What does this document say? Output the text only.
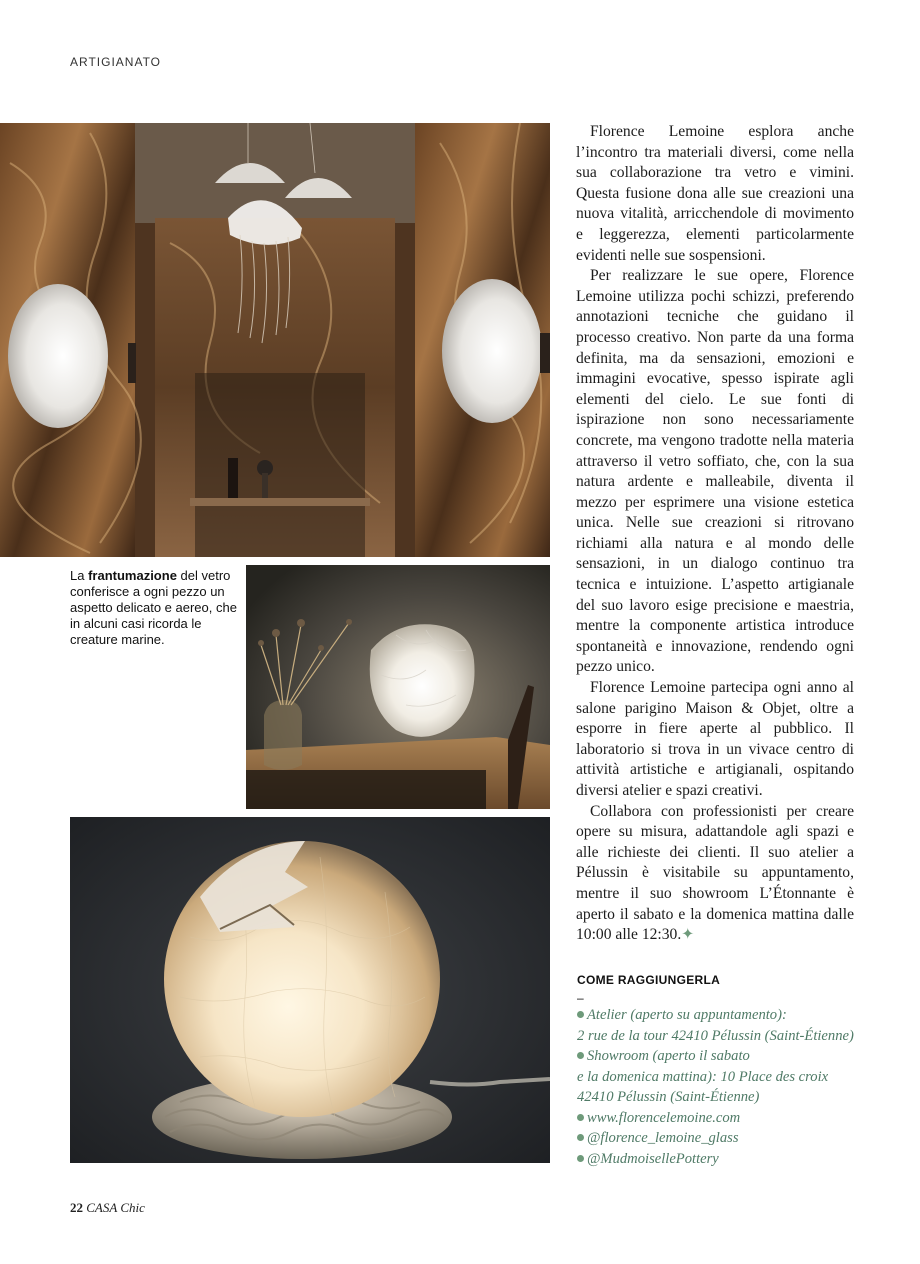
ARTIGIANATO
La frantumazione del vetro conferisce a ogni pezzo un aspetto delicato e aereo, che in alcuni casi ricorda le creature marine.

Florence Lemoine esplora anche l’incontro tra materiali diversi, come nella sua collaborazione tra vetro e vimini. Questa fusione dona alle sue creazioni una nuova vitalità, arricchendole di movimento e leggerezza, elementi particolarmente evidenti nelle sue sospensioni.

Per realizzare le sue opere, Florence Lemoine utilizza pochi schizzi, preferendo annotazioni tecniche che guidano il processo creativo. Non parte da una forma definita, ma da sensazioni, emozioni e immagini evocative, spesso ispirate agli elementi del cielo. Le sue fonti di ispirazione non sono necessariamente concrete, ma vengono tradotte nella materia attraverso il vetro soffiato, che, con la sua natura ardente e malleabile, diventa il mezzo per esprimere una visione estetica unica. Nelle sue creazioni si ritrovano richiami alla natura e al mondo delle sensazioni, in un dialogo continuo tra tecnica e intuizione. L’aspetto artigianale del suo lavoro esige precisione e maestria, mentre la componente artistica introduce spontaneità e innovazione, rendendo ogni pezzo unico.

Florence Lemoine partecipa ogni anno al salone parigino Maison & Objet, oltre a esporre in fiere aperte al pubblico. Il laboratorio si trova in un vivace centro di attività artistiche e artigianali, ospitando diversi atelier e spazi creativi.

Collabora con professionisti per creare opere su misura, adattandole agli spazi e alle richieste dei clienti. Il suo atelier a Pélussin è visitabile su appuntamento, mentre il suo showroom L’Étonnante è aperto il sabato e la domenica mattina dalle 10:00 alle 12:30.✦

COME RAGGIUNGERLA
–
Atelier (aperto su appuntamento):
2 rue de la tour 42410 Pélussin (Saint-Étienne)
Showroom (aperto il sabato
e la domenica mattina): 10 Place des croix
42410 Pélussin (Saint-Étienne)
www.florencelemoine.com
@florence_lemoine_glass
@MudmoisellePottery
22 CASA Chic
